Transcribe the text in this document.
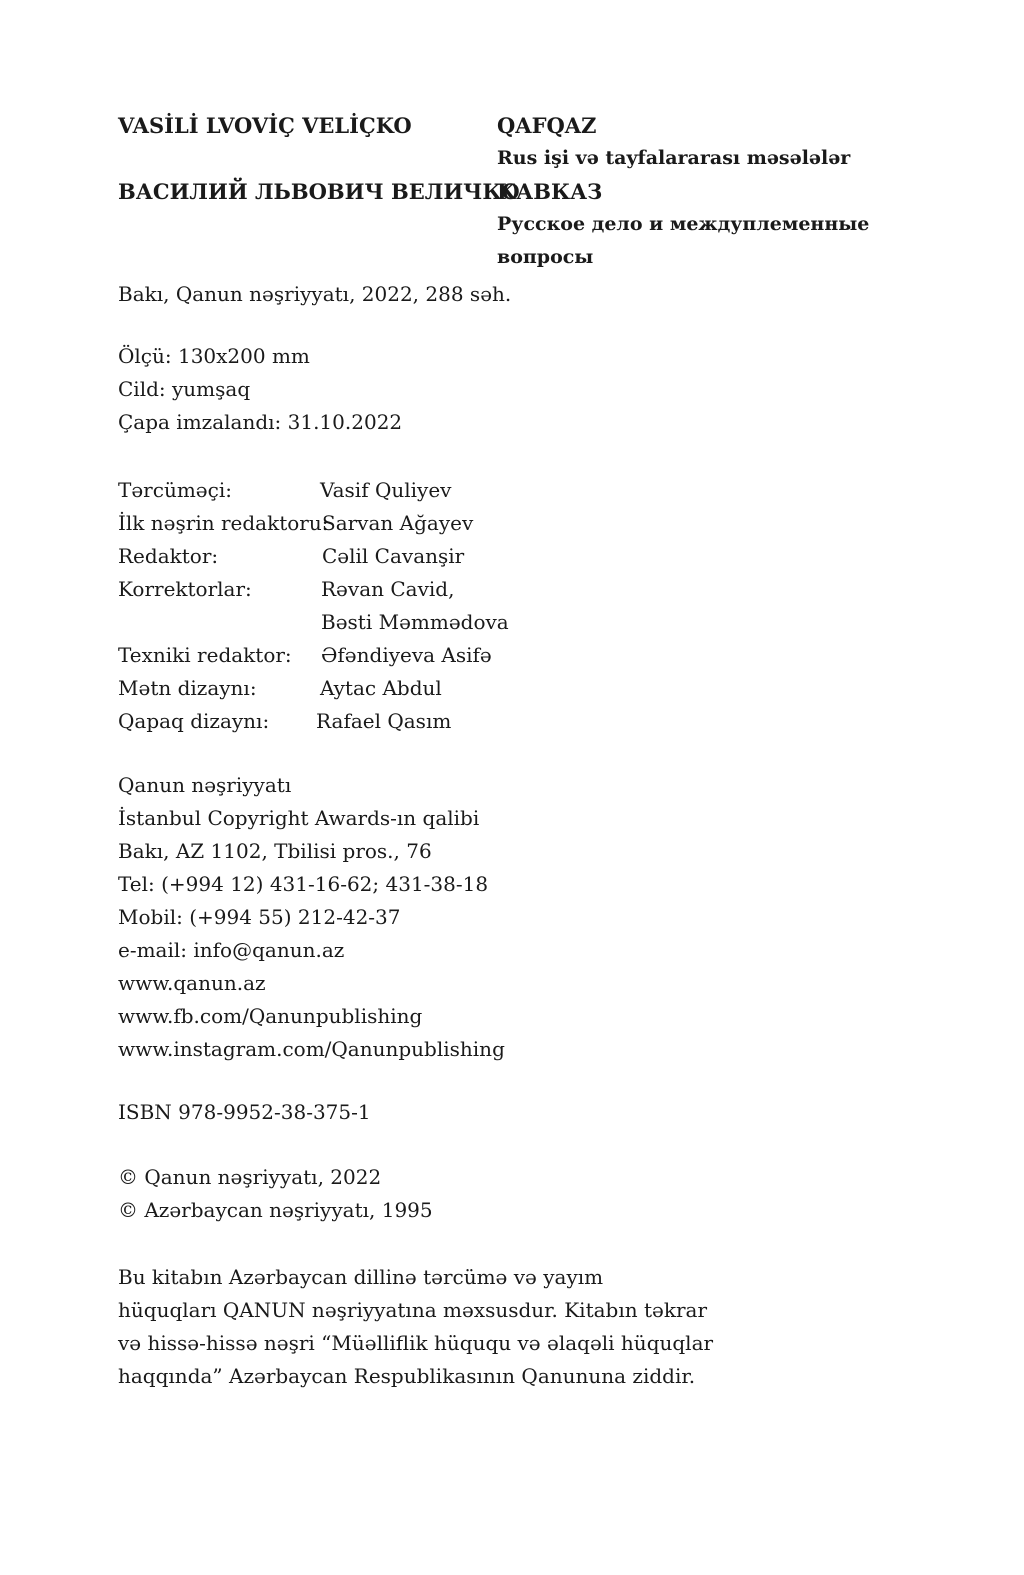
VASİLİ LVOVİÇ VELİÇKO
ВАСИЛИЙ ЛЬВОВИЧ ВЕЛИЧКО
QAFQAZ
Rus işi və tayfalararası məsələlər
КАВКАЗ
Русское дело и междуплеменные
вопросы
Bakı, Qanun nəşriyyatı, 2022, 288 səh.
Ölçü: 130x200 mm
Cild: yumşaq
Çapa imzalandı: 31.10.2022
Tərcüməçi:	Vasif Quliyev
İlk nəşrin redaktoru:
Sarvan Ağayev
Redaktor:	Cəlil Cavanşir
Korrektorlar:	Rəvan Cavid,
Bəsti Məmmədova
Texniki redaktor: Əfəndiyeva Asifə
Mətn dizaynı:	Aytac Abdul
Qapaq dizaynı: Rafael Qasım
Qanun nəşriyyatı
İstanbul Copyright Awards-ın qalibi
Bakı, AZ 1102, Tbilisi pros., 76
Tel: (+994 12) 431-16-62; 431-38-18
Mobil: (+994 55) 212-42-37
e-mail: info@qanun.az
www.qanun.az
www.fb.com/Qanunpublishing
www.instagram.com/Qanunpublishing
ISBN 978-9952-38-375-1
© Qanun nəşriyyatı, 2022
© Azərbaycan nəşriyyatı, 1995
Bu kitabın Azərbaycan dillinə tərcümə və yayım
hüquqları QANUN nəşriyyatına məxsusdur. Kitabın təkrar
və hissə-hissə nəşri “Müəlliflik hüququ və əlaqəli hüquqlar
haqqında” Azərbaycan Respublikasının Qanununa ziddir.
